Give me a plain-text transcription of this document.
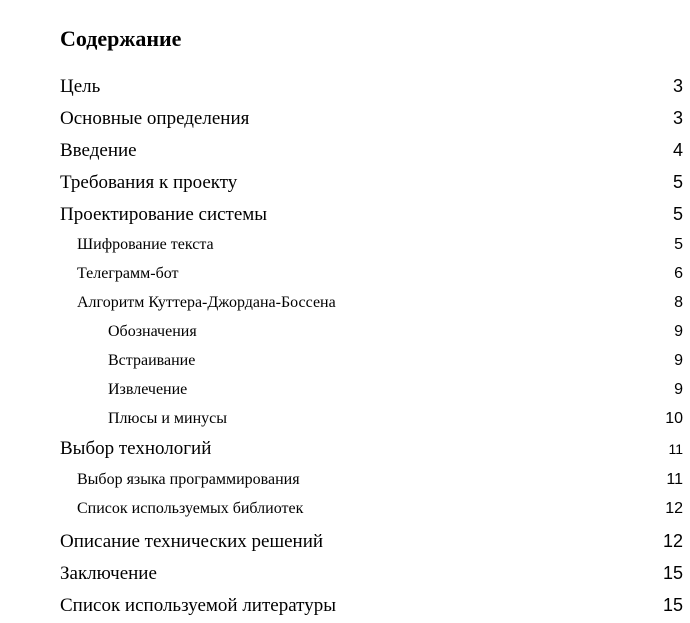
Содержание
Цель	3
Основные определения	3
Введение	4
Требования к проекту	5
Проектирование системы	5
Шифрование текста	5
Телеграмм-бот	6
Алгоритм Куттера-Джордана-Боссена	8
Обозначения	9
Встраивание	9
Извлечение	9
Плюсы и минусы	10
Выбор технологий	11
Выбор языка программирования	11
Список используемых библиотек	12
Описание технических решений	12
Заключение	15
Список используемой литературы	15
